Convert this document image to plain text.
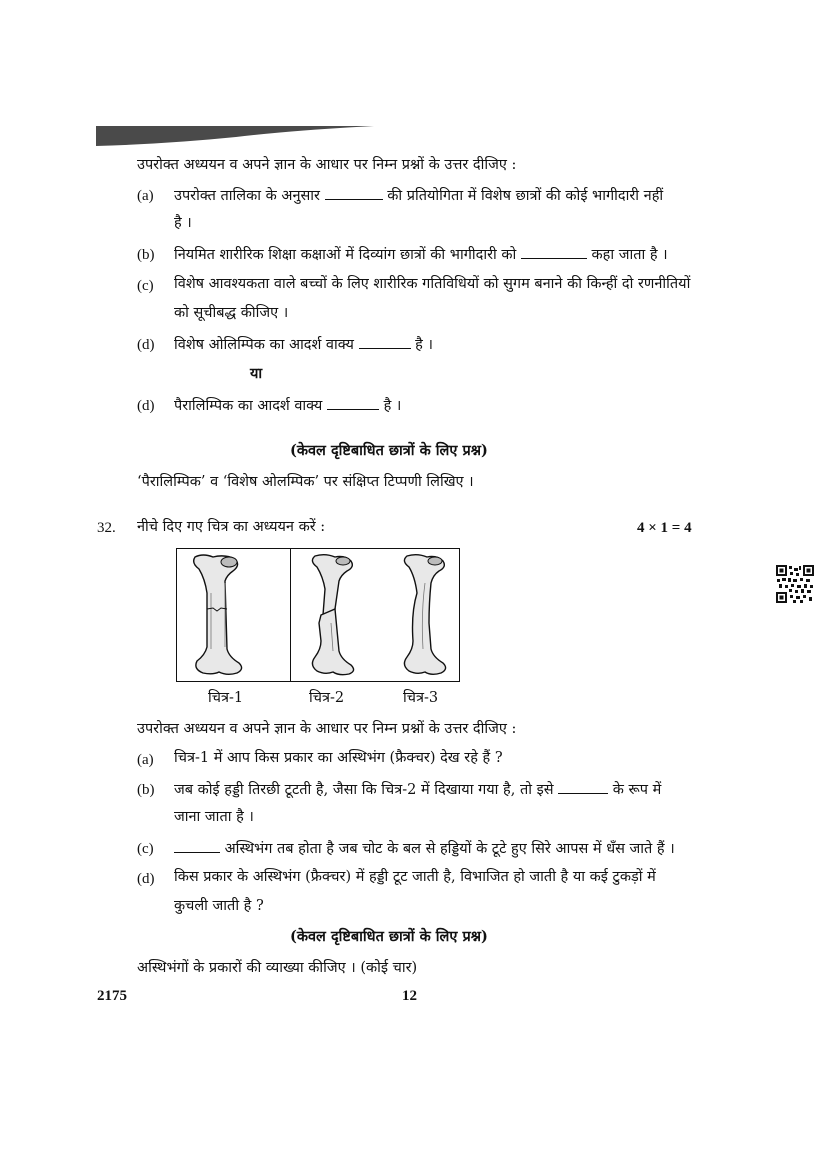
उपरोक्त अध्ययन व अपने ज्ञान के आधार पर निम्न प्रश्नों के उत्तर दीजिए :
(a) उपरोक्त तालिका के अनुसार	की प्रतियोगिता में विशेष छात्रों की कोई भागीदारी नहीं
है ।
(b) नियमित शारीरिक शिक्षा कक्षाओं में दिव्यांग छात्रों की भागीदारी को	कहा जाता है ।
(c) विशेष आवश्यकता वाले बच्चों के लिए शारीरिक गतिविधियों को सुगम बनाने की किन्हीं दो रणनीतियों
को सूचीबद्ध कीजिए ।
(d) विशेष ओलिम्पिक का आदर्श वाक्य	है ।
या
(d) पैरालिम्पिक का आदर्श वाक्य	है ।
(केवल दृष्टिबाधित छात्रों के लिए प्रश्न)
‘पैरालिम्पिक’ व ‘विशेष ओलम्पिक’ पर संक्षिप्त टिप्पणी लिखिए ।
32. नीचे दिए गए चित्र का अध्ययन करें :	4 × 1 = 4
चित्र-1	चित्र-2	चित्र-3
उपरोक्त अध्ययन व अपने ज्ञान के आधार पर निम्न प्रश्नों के उत्तर दीजिए :
(a) चित्र-1 में आप किस प्रकार का अस्थिभंग (फ्रैक्चर) देख रहे हैं ?
(b) जब कोई हड्डी तिरछी टूटती है, जैसा कि चित्र-2 में दिखाया गया है, तो इसे	के रूप में
जाना जाता है ।
(c)	अस्थिभंग तब होता है जब चोट के बल से हड्डियों के टूटे हुए सिरे आपस में धँस जाते हैं ।
(d) किस प्रकार के अस्थिभंग (फ्रैक्चर) में हड्डी टूट जाती है, विभाजित हो जाती है या कई टुकड़ों में
कुचली जाती है ?
(केवल दृष्टिबाधित छात्रों के लिए प्रश्न)
अस्थिभंगों के प्रकारों की व्याख्या कीजिए । (कोई चार)
2175	12
